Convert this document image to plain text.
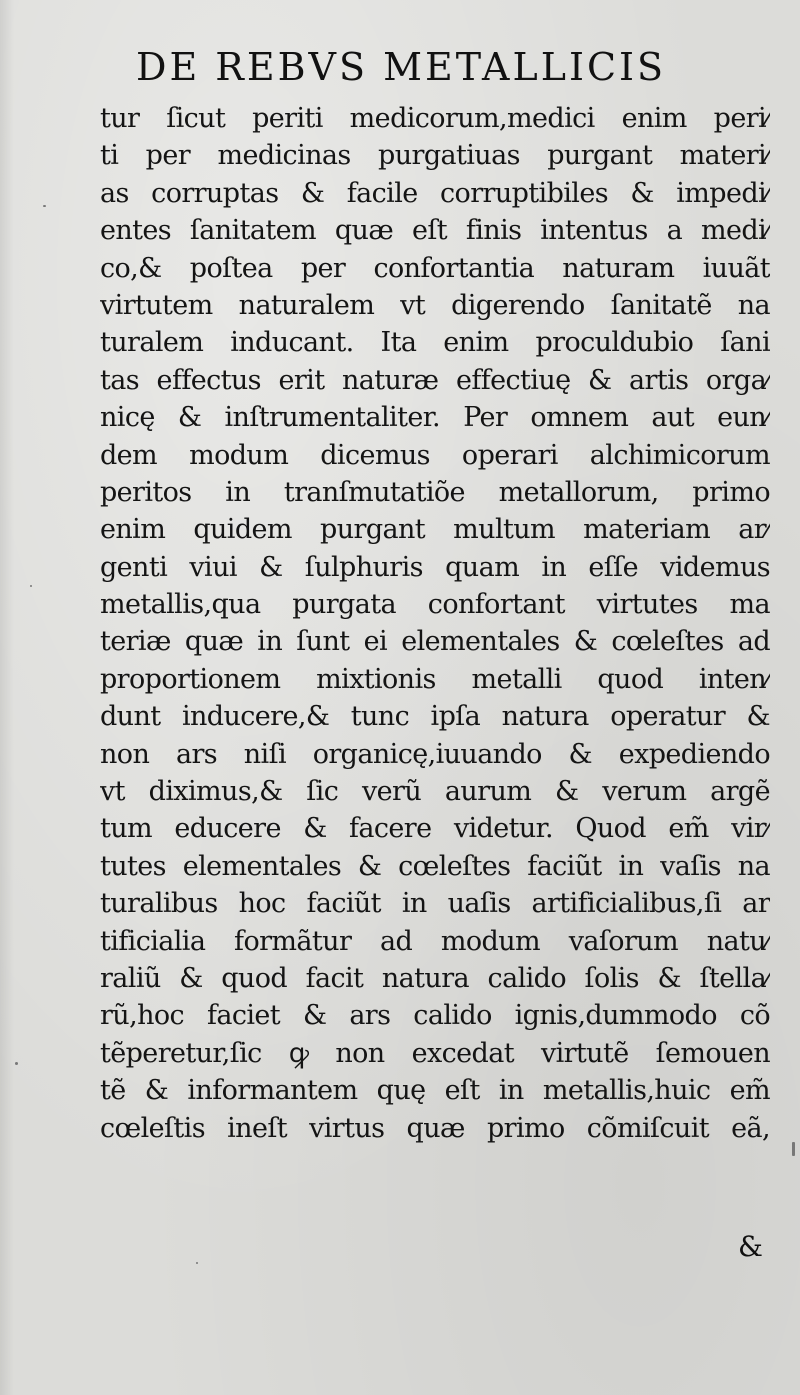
DE REBVS METALLICIS
tur ſicut periti medicorum,medici enim peri⁄
ti per medicinas purgatiuas purgant materi⁄
as corruptas & facile corruptibiles & impedi⁄
entes ſanitatem quæ eſt finis intentus a medi⁄
co,& poſtea per confortantia naturam iuuãt
virtutem naturalem vt digerendo ſanitatẽ na
turalem inducant. Ita enim proculdubio ſani
tas effectus erit naturæ effectiuę & artis orga⁄
nicę & inſtrumentaliter. Per omnem aut eun⁄
dem modum dicemus operari alchimicorum
peritos in tranſmutatiõe metallorum, primo
enim quidem purgant multum materiam ar⁄
genti viui & ſulphuris quam in eſſe videmus
metallis,qua purgata confortant virtutes ma
teriæ quæ in ſunt ei elementales & cœleſtes ad
proportionem mixtionis metalli quod inten⁄
dunt inducere,& tunc ipſa natura operatur &
non ars niſi organicę,iuuando & expediendo
vt diximus,& ſic verũ aurum & verum argẽ
tum educere & facere videtur. Quod em̃ vir⁄
tutes elementales & cœleſtes faciũt in vaſis na
turalibus hoc faciũt in uaſis artificialibus,ſi ar
tificialia formãtur ad modum vaſorum natu⁄
raliũ & quod facit natura calido ſolis & ſtella⁄
rũ,hoc faciet & ars calido ignis,dummodo cõ
tẽperetur,ſic ꝙ non excedat virtutẽ ſemouen
tẽ & informantem quę eſt in metallis,huic em̃
cœleſtis ineſt virtus quæ primo cõmiſcuit eã,
&
